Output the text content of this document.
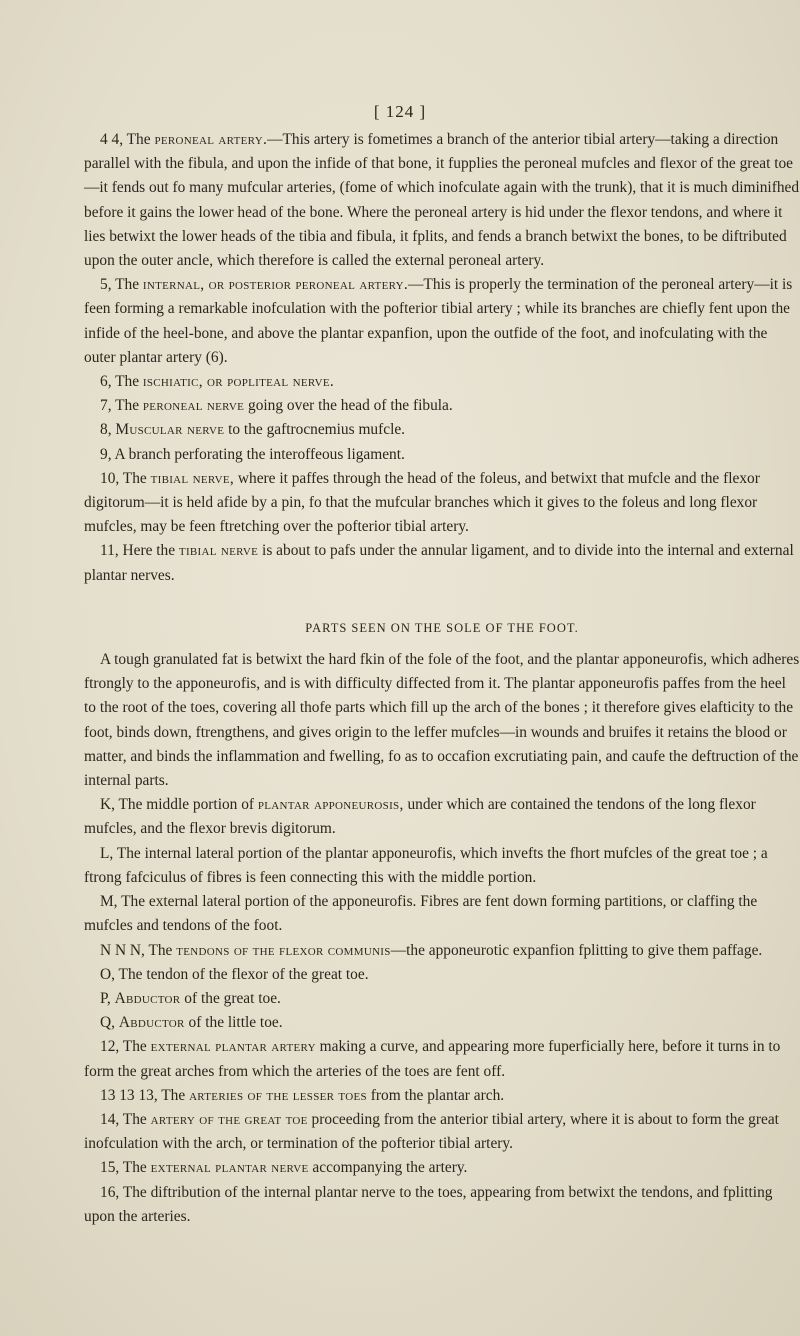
[ 124 ]

4 4, The peroneal artery.—This artery is fometimes a branch of the anterior tibial artery—taking a direction parallel with the fibula, and upon the infide of that bone, it fupplies the peroneal mufcles and flexor of the great toe—it fends out fo many mufcular arteries, (fome of which inofculate again with the trunk), that it is much diminifhed before it gains the lower head of the bone. Where the peroneal artery is hid under the flexor tendons, and where it lies betwixt the lower heads of the tibia and fibula, it fplits, and fends a branch betwixt the bones, to be diftributed upon the outer ancle, which therefore is called the external peroneal artery.

5, The internal, or posterior peroneal artery.—This is properly the termination of the peroneal artery—it is feen forming a remarkable inofculation with the pofterior tibial artery ; while its branches are chiefly fent upon the infide of the heel-bone, and above the plantar expanfion, upon the outfide of the foot, and inofculating with the outer plantar artery (6).

6, The ischiatic, or popliteal nerve.

7, The peroneal nerve going over the head of the fibula.

8, Muscular nerve to the gaftrocnemius mufcle.

9, A branch perforating the interoffeous ligament.

10, The tibial nerve, where it paffes through the head of the foleus, and betwixt that mufcle and the flexor digitorum—it is held afide by a pin, fo that the mufcular branches which it gives to the foleus and long flexor mufcles, may be feen ftretching over the pofterior tibial artery.

11, Here the tibial nerve is about to pafs under the annular ligament, and to divide into the internal and external plantar nerves.

PARTS SEEN ON THE SOLE OF THE FOOT.

A tough granulated fat is betwixt the hard fkin of the fole of the foot, and the plantar apponeurofis, which adheres ftrongly to the apponeurofis, and is with difficulty diffected from it. The plantar apponeurofis paffes from the heel to the root of the toes, covering all thofe parts which fill up the arch of the bones ; it therefore gives elafticity to the foot, binds down, ftrengthens, and gives origin to the leffer mufcles—in wounds and bruifes it retains the blood or matter, and binds the inflammation and fwelling, fo as to occafion excrutiating pain, and caufe the deftruction of the internal parts.

K, The middle portion of plantar apponeurosis, under which are contained the tendons of the long flexor mufcles, and the flexor brevis digitorum.

L, The internal lateral portion of the plantar apponeurofis, which invefts the fhort mufcles of the great toe ; a ftrong fafciculus of fibres is feen connecting this with the middle portion.

M, The external lateral portion of the apponeurofis. Fibres are fent down forming partitions, or claffing the mufcles and tendons of the foot.

N N N, The tendons of the flexor communis—the apponeurotic expanfion fplitting to give them paffage.

O, The tendon of the flexor of the great toe.

P, Abductor of the great toe.

Q, Abductor of the little toe.

12, The external plantar artery making a curve, and appearing more fuperficially here, before it turns in to form the great arches from which the arteries of the toes are fent off.

13 13 13, The arteries of the lesser toes from the plantar arch.

14, The artery of the great toe proceeding from the anterior tibial artery, where it is about to form the great inofculation with the arch, or termination of the pofterior tibial artery.

15, The external plantar nerve accompanying the artery.

16, The diftribution of the internal plantar nerve to the toes, appearing from betwixt the tendons, and fplitting upon the arteries.
